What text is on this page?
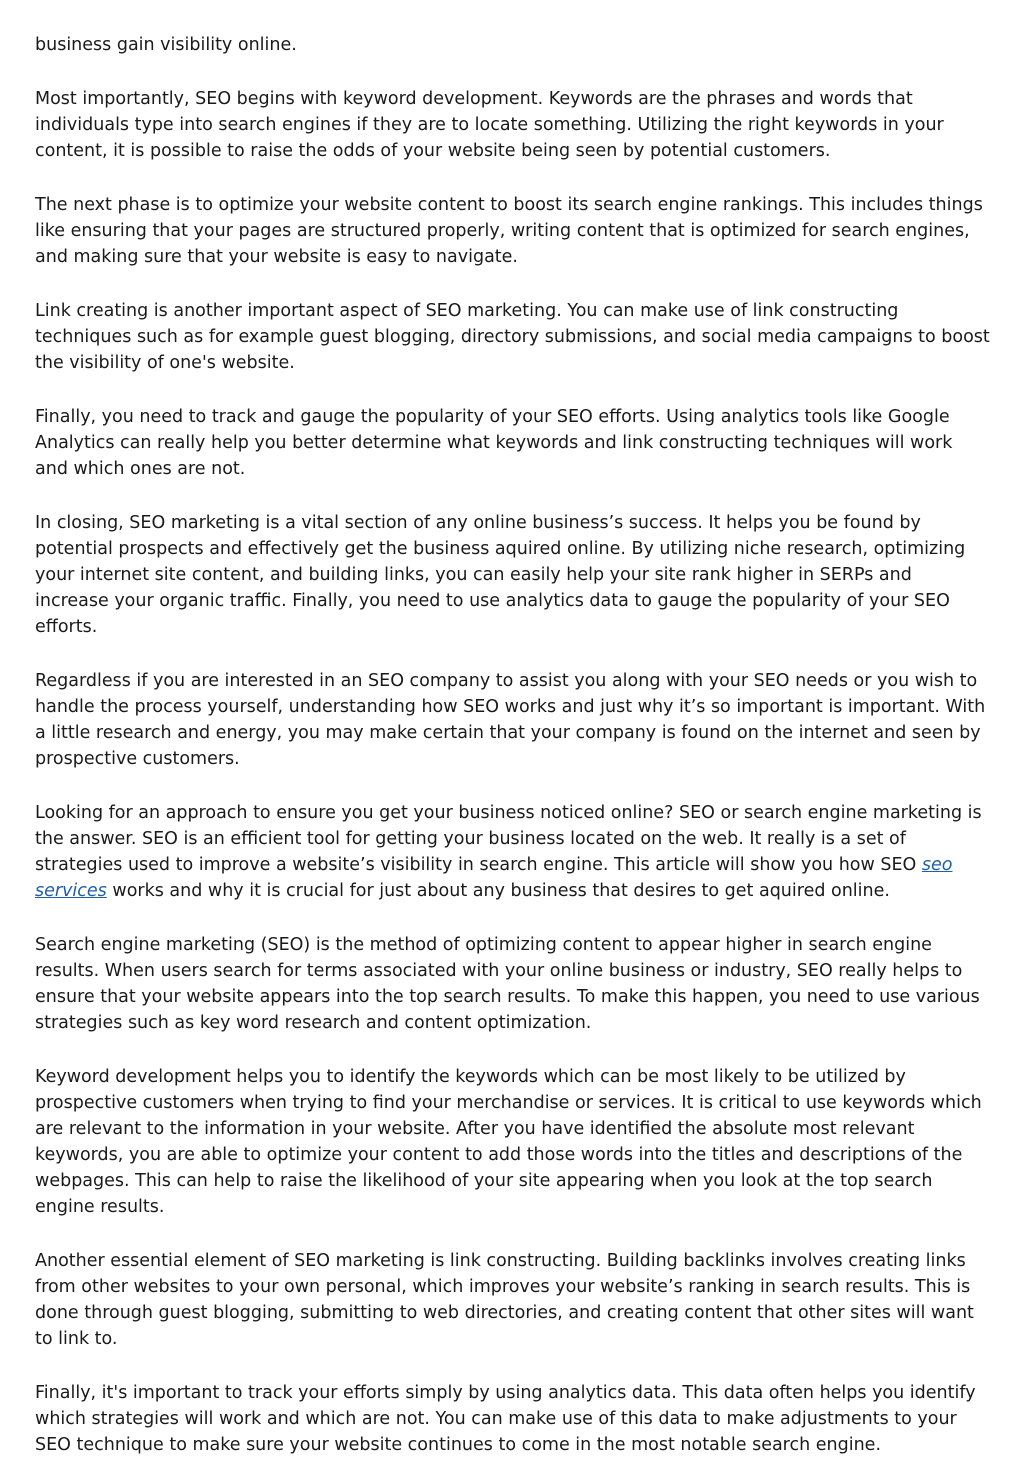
business gain visibility online.

Most importantly, SEO begins with keyword development. Keywords are the phrases and words that individuals type into search engines if they are to locate something. Utilizing the right keywords in your content, it is possible to raise the odds of your website being seen by potential customers.

The next phase is to optimize your website content to boost its search engine rankings. This includes things like ensuring that your pages are structured properly, writing content that is optimized for search engines, and making sure that your website is easy to navigate.

Link creating is another important aspect of SEO marketing. You can make use of link constructing techniques such as for example guest blogging, directory submissions, and social media campaigns to boost the visibility of one's website.

Finally, you need to track and gauge the popularity of your SEO efforts. Using analytics tools like Google Analytics can really help you better determine what keywords and link constructing techniques will work and which ones are not.

In closing, SEO marketing is a vital section of any online business’s success. It helps you be found by potential prospects and effectively get the business aquired online. By utilizing niche research, optimizing your internet site content, and building links, you can easily help your site rank higher in SERPs and increase your organic traffic. Finally, you need to use analytics data to gauge the popularity of your SEO efforts.

Regardless if you are interested in an SEO company to assist you along with your SEO needs or you wish to handle the process yourself, understanding how SEO works and just why it’s so important is important. With a little research and energy, you may make certain that your company is found on the internet and seen by prospective customers.

Looking for an approach to ensure you get your business noticed online? SEO or search engine marketing is the answer. SEO is an efficient tool for getting your business located on the web. It really is a set of strategies used to improve a website’s visibility in search engine. This article will show you how SEO seo services works and why it is crucial for just about any business that desires to get aquired online.

Search engine marketing (SEO) is the method of optimizing content to appear higher in search engine results. When users search for terms associated with your online business or industry, SEO really helps to ensure that your website appears into the top search results. To make this happen, you need to use various strategies such as key word research and content optimization.

Keyword development helps you to identify the keywords which can be most likely to be utilized by prospective customers when trying to find your merchandise or services. It is critical to use keywords which are relevant to the information in your website. After you have identified the absolute most relevant keywords, you are able to optimize your content to add those words into the titles and descriptions of the webpages. This can help to raise the likelihood of your site appearing when you look at the top search engine results.

Another essential element of SEO marketing is link constructing. Building backlinks involves creating links from other websites to your own personal, which improves your website’s ranking in search results. This is done through guest blogging, submitting to web directories, and creating content that other sites will want to link to.

Finally, it's important to track your efforts simply by using analytics data. This data often helps you identify which strategies will work and which are not. You can make use of this data to make adjustments to your SEO technique to make sure your website continues to come in the most notable search engine.
